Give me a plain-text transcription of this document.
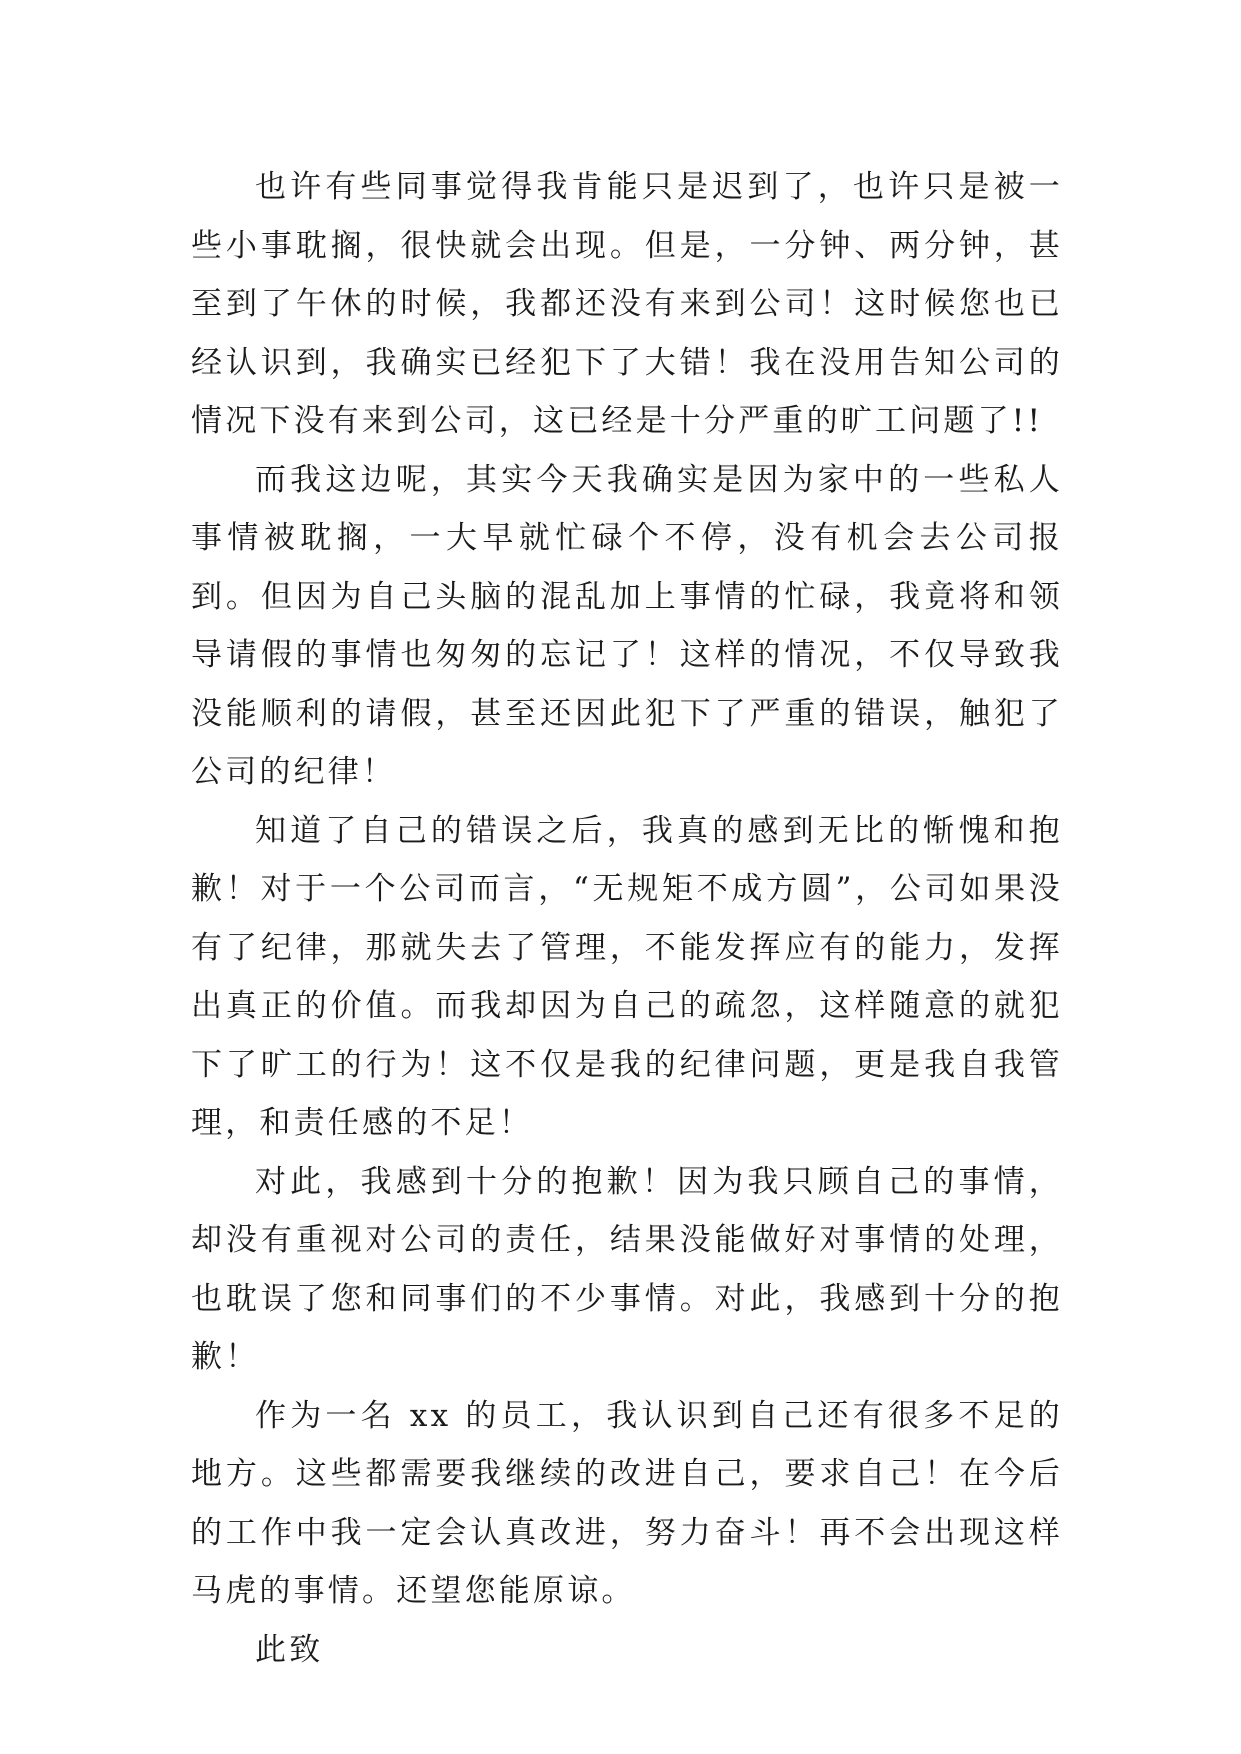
也许有些同事觉得我肯能只是迟到了，也许只是被一些小事耽搁，很快就会出现。但是，一分钟、两分钟，甚至到了午休的时候，我都还没有来到公司！这时候您也已经认识到，我确实已经犯下了大错！我在没用告知公司的情况下没有来到公司，这已经是十分严重的旷工问题了!!

而我这边呢，其实今天我确实是因为家中的一些私人事情被耽搁，一大早就忙碌个不停，没有机会去公司报到。但因为自己头脑的混乱加上事情的忙碌，我竟将和领导请假的事情也匆匆的忘记了！这样的情况，不仅导致我没能顺利的请假，甚至还因此犯下了严重的错误，触犯了公司的纪律！

知道了自己的错误之后，我真的感到无比的惭愧和抱歉！对于一个公司而言，“无规矩不成方圆”，公司如果没有了纪律，那就失去了管理，不能发挥应有的能力，发挥出真正的价值。而我却因为自己的疏忽，这样随意的就犯下了旷工的行为！这不仅是我的纪律问题，更是我自我管理，和责任感的不足！

对此，我感到十分的抱歉！因为我只顾自己的事情，却没有重视对公司的责任，结果没能做好对事情的处理，也耽误了您和同事们的不少事情。对此，我感到十分的抱歉！

作为一名 xx 的员工，我认识到自己还有很多不足的地方。这些都需要我继续的改进自己，要求自己！在今后的工作中我一定会认真改进，努力奋斗！再不会出现这样马虎的事情。还望您能原谅。

此致
